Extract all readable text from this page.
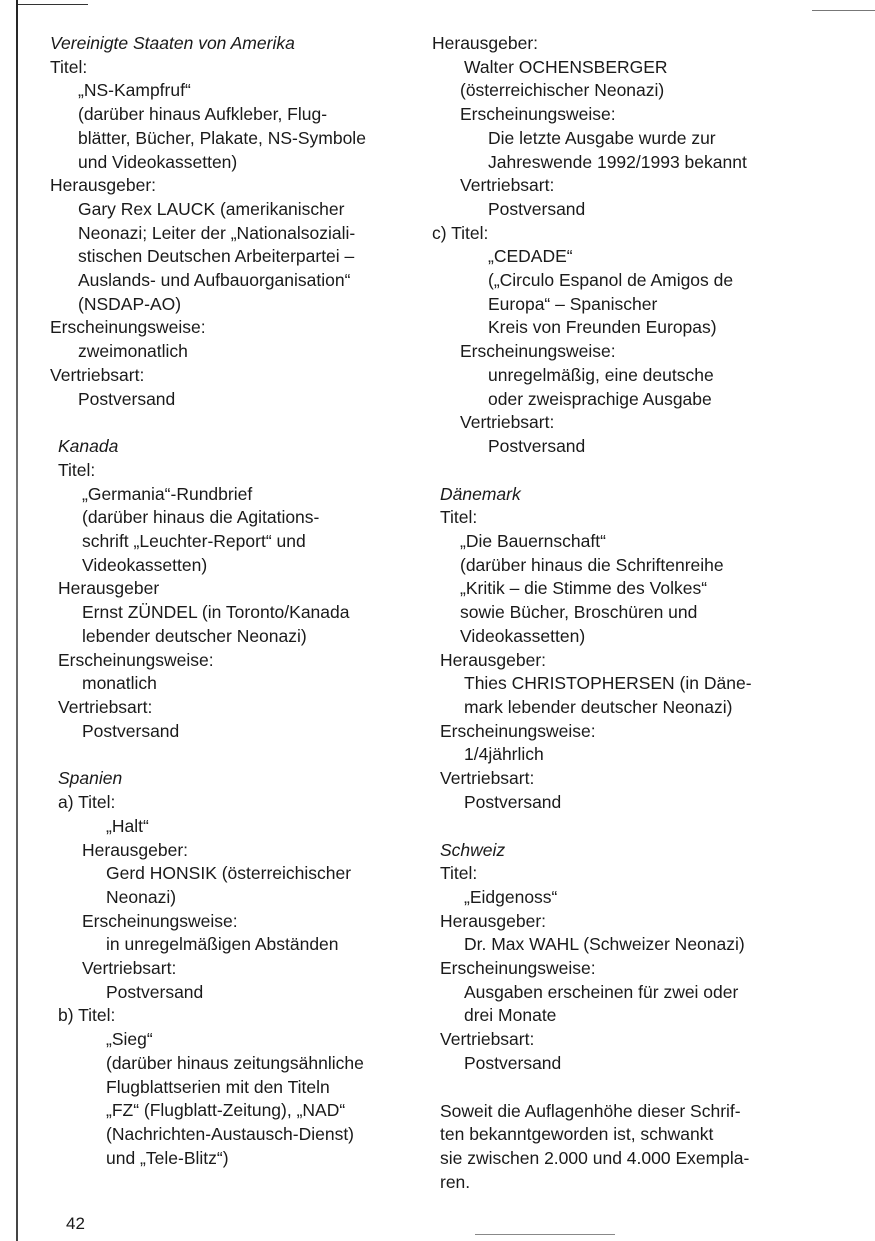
Vereinigte Staaten von Amerika
Titel:
„NS-Kampfruf“
(darüber hinaus Aufkleber, Flug-
blätter, Bücher, Plakate, NS-Symbole
und Videokassetten)
Herausgeber:
Gary Rex LAUCK (amerikanischer
Neonazi; Leiter der „Nationalsoziali-
stischen Deutschen Arbeiterpartei –
Auslands- und Aufbauorganisation“
(NSDAP-AO)
Erscheinungsweise:
zweimonatlich
Vertriebsart:
Postversand
Kanada
Titel:
„Germania“-Rundbrief
(darüber hinaus die Agitations-
schrift „Leuchter-Report“ und
Videokassetten)
Herausgeber
Ernst ZÜNDEL (in Toronto/Kanada
lebender deutscher Neonazi)
Erscheinungsweise:
monatlich
Vertriebsart:
Postversand
Spanien
a) Titel:
„Halt“
Herausgeber:
Gerd HONSIK (österreichischer
Neonazi)
Erscheinungsweise:
in unregelmäßigen Abständen
Vertriebsart:
Postversand
b) Titel:
„Sieg“
(darüber hinaus zeitungsähnliche
Flugblattserien mit den Titeln
„FZ“ (Flugblatt-Zeitung), „NAD“
(Nachrichten-Austausch-Dienst)
und „Tele-Blitz“)
Herausgeber:
Walter OCHENSBERGER
(österreichischer Neonazi)
Erscheinungsweise:
Die letzte Ausgabe wurde zur
Jahreswende 1992/1993 bekannt
Vertriebsart:
Postversand
c) Titel:
„CEDADE“
(„Circulo Espanol de Amigos de
Europa“ – Spanischer
Kreis von Freunden Europas)
Erscheinungsweise:
unregelmäßig, eine deutsche
oder zweisprachige Ausgabe
Vertriebsart:
Postversand
Dänemark
Titel:
„Die Bauernschaft“
(darüber hinaus die Schriftenreihe
„Kritik – die Stimme des Volkes“
sowie Bücher, Broschüren und
Videokassetten)
Herausgeber:
Thies CHRISTOPHERSEN (in Däne-
mark lebender deutscher Neonazi)
Erscheinungsweise:
1/4jährlich
Vertriebsart:
Postversand
Schweiz
Titel:
„Eidgenoss“
Herausgeber:
Dr. Max WAHL (Schweizer Neonazi)
Erscheinungsweise:
Ausgaben erscheinen für zwei oder
drei Monate
Vertriebsart:
Postversand
Soweit die Auflagenhöhe dieser Schrif-
ten bekanntgeworden ist, schwankt
sie zwischen 2.000 und 4.000 Exempla-
ren.
42
